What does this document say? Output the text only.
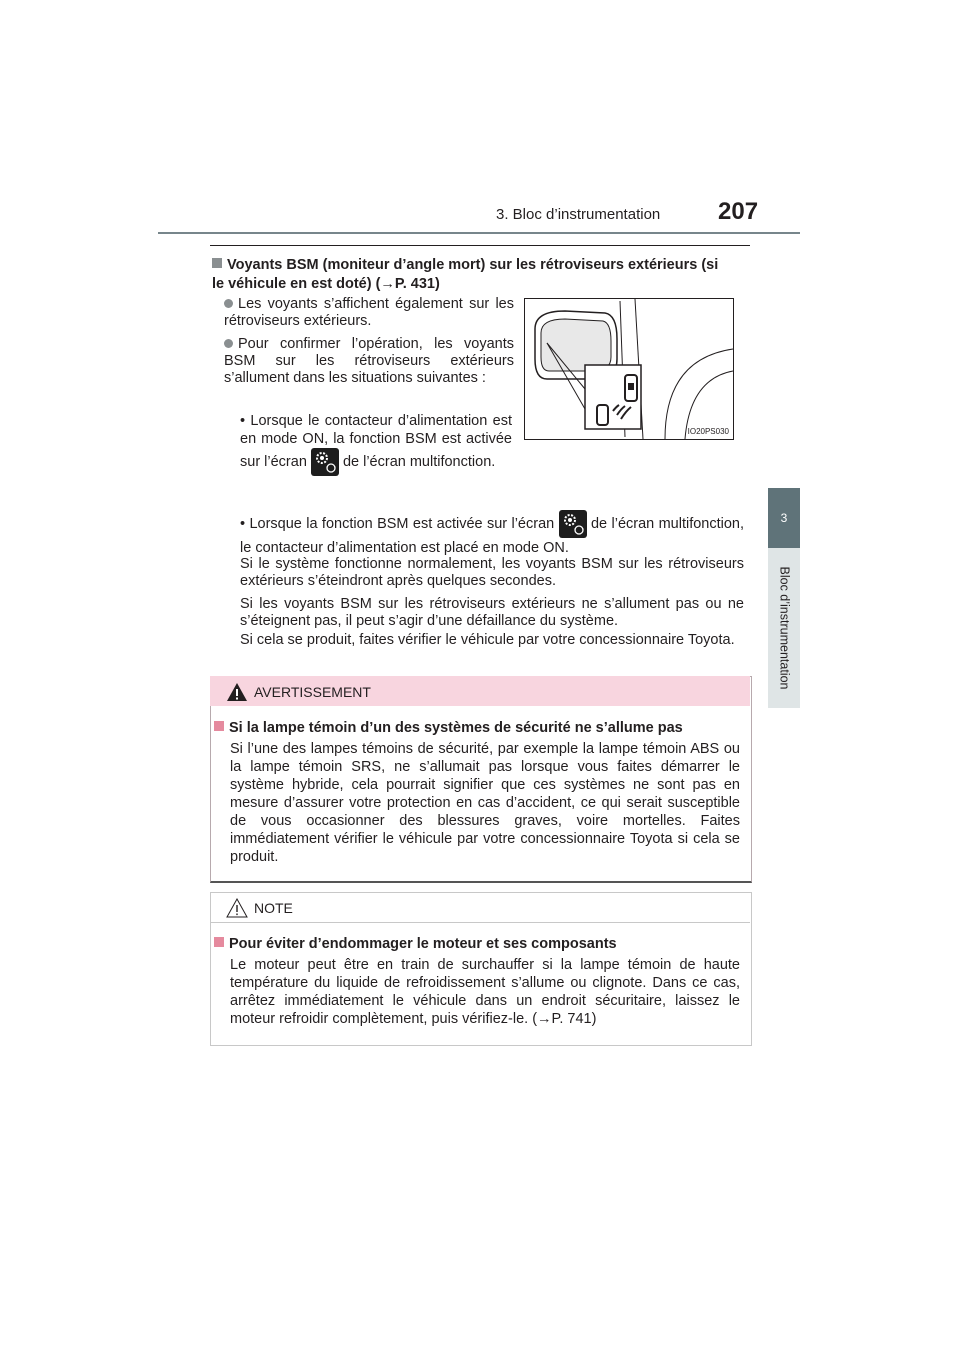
3. Bloc d’instrumentation 207
3
Bloc d’instrumentation
Voyants BSM (moniteur d’angle mort) sur les rétroviseurs extérieurs (si le véhicule en est doté) (→P. 431)
Les voyants s’affichent également sur les rétroviseurs extérieurs.
Pour confirmer l’opération, les voyants BSM sur les rétroviseurs extérieurs s’allument dans les situations suivantes :
• Lorsque le contacteur d’alimentation est en mode ON, la fonction BSM est activée sur l’écran de l’écran multifonction.
• Lorsque la fonction BSM est activée sur l’écran	de l’écran multifonction, le contacteur d’alimentation est placé en mode ON.
Si le système fonctionne normalement, les voyants BSM sur les rétroviseurs extérieurs s’éteindront après quelques secondes.
Si les voyants BSM sur les rétroviseurs extérieurs ne s’allument pas ou ne s’éteignent pas, il peut s’agir d’une défaillance du système.
Si cela se produit, faites vérifier le véhicule par votre concessionnaire Toyota.
IO20PS030
AVERTISSEMENT
Si la lampe témoin d’un des systèmes de sécurité ne s’allume pas
Si l’une des lampes témoins de sécurité, par exemple la lampe témoin ABS ou la lampe témoin SRS, ne s’allumait pas lorsque vous faites démarrer le système hybride, cela pourrait signifier que ces systèmes ne sont pas en mesure d’assurer votre protection en cas d’accident, ce qui serait susceptible de vous occasionner des blessures graves, voire mortelles. Faites immédiatement vérifier le véhicule par votre concessionnaire Toyota si cela se produit.
NOTE
Pour éviter d’endommager le moteur et ses composants
Le moteur peut être en train de surchauffer si la lampe témoin de haute température du liquide de refroidissement s’allume ou clignote. Dans ce cas, arrêtez immédiatement le véhicule dans un endroit sécuritaire, laissez le moteur refroidir complètement, puis vérifiez-le. (→P. 741)
